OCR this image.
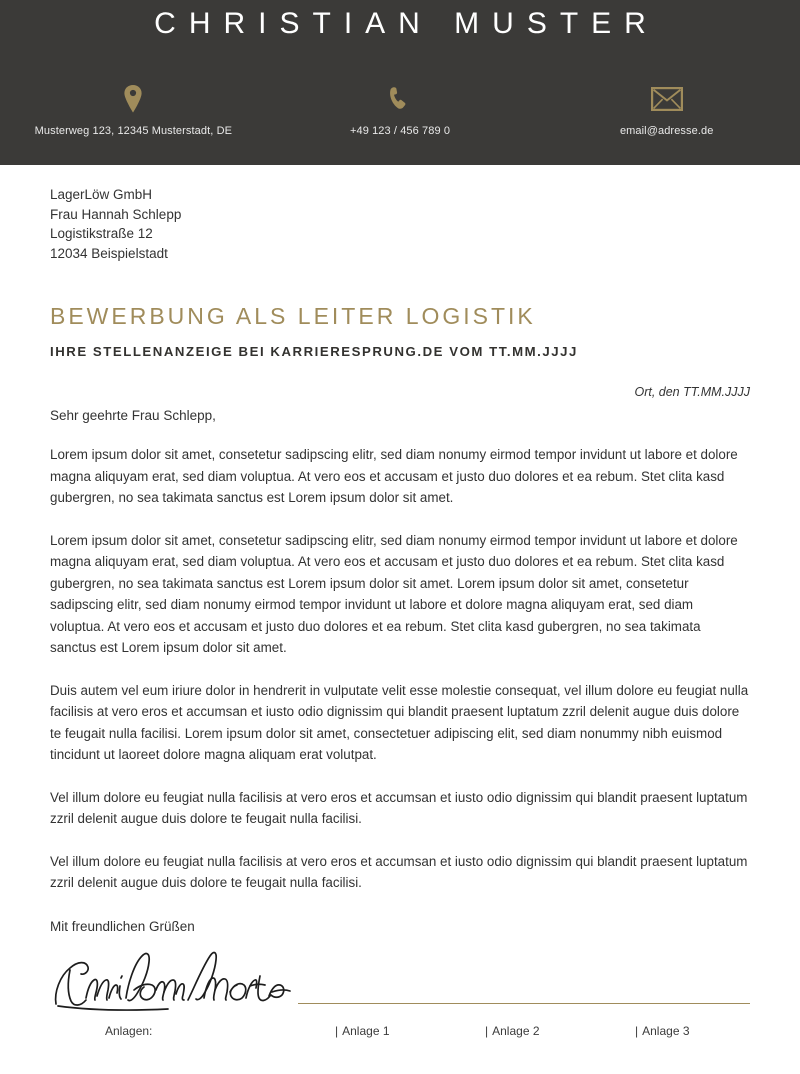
CHRISTIAN MUSTER
Musterweg 123, 12345 Musterstadt, DE	+49 123 / 456 789 0	email@adresse.de
LagerLöw GmbH
Frau Hannah Schlepp
Logistikstraße 12
12034 Beispielstadt
BEWERBUNG ALS LEITER LOGISTIK
IHRE STELLENANZEIGE BEI KARRIERESPRUNG.DE VOM TT.MM.JJJJ
Ort, den TT.MM.JJJJ
Sehr geehrte Frau Schlepp,
Lorem ipsum dolor sit amet, consetetur sadipscing elitr, sed diam nonumy eirmod tempor invidunt ut labore et dolore magna aliquyam erat, sed diam voluptua. At vero eos et accusam et justo duo dolores et ea rebum. Stet clita kasd gubergren, no sea takimata sanctus est Lorem ipsum dolor sit amet.
Lorem ipsum dolor sit amet, consetetur sadipscing elitr, sed diam nonumy eirmod tempor invidunt ut labore et dolore magna aliquyam erat, sed diam voluptua. At vero eos et accusam et justo duo dolores et ea rebum. Stet clita kasd gubergren, no sea takimata sanctus est Lorem ipsum dolor sit amet. Lorem ipsum dolor sit amet, consetetur sadipscing elitr, sed diam nonumy eirmod tempor invidunt ut labore et dolore magna aliquyam erat, sed diam voluptua. At vero eos et accusam et justo duo dolores et ea rebum. Stet clita kasd gubergren, no sea takimata sanctus est Lorem ipsum dolor sit amet.
Duis autem vel eum iriure dolor in hendrerit in vulputate velit esse molestie consequat, vel illum dolore eu feugiat nulla facilisis at vero eros et accumsan et iusto odio dignissim qui blandit praesent luptatum zzril delenit augue duis dolore te feugait nulla facilisi. Lorem ipsum dolor sit amet, consectetuer adipiscing elit, sed diam nonummy nibh euismod tincidunt ut laoreet dolore magna aliquam erat volutpat.
Vel illum dolore eu feugiat nulla facilisis at vero eros et accumsan et iusto odio dignissim qui blandit praesent luptatum zzril delenit augue duis dolore te feugait nulla facilisi.
Vel illum dolore eu feugiat nulla facilisis at vero eros et accumsan et iusto odio dignissim qui blandit praesent luptatum zzril delenit augue duis dolore te feugait nulla facilisi.
Mit freundlichen Grüßen
Anlagen:	| Anlage 1	| Anlage 2	| Anlage 3
